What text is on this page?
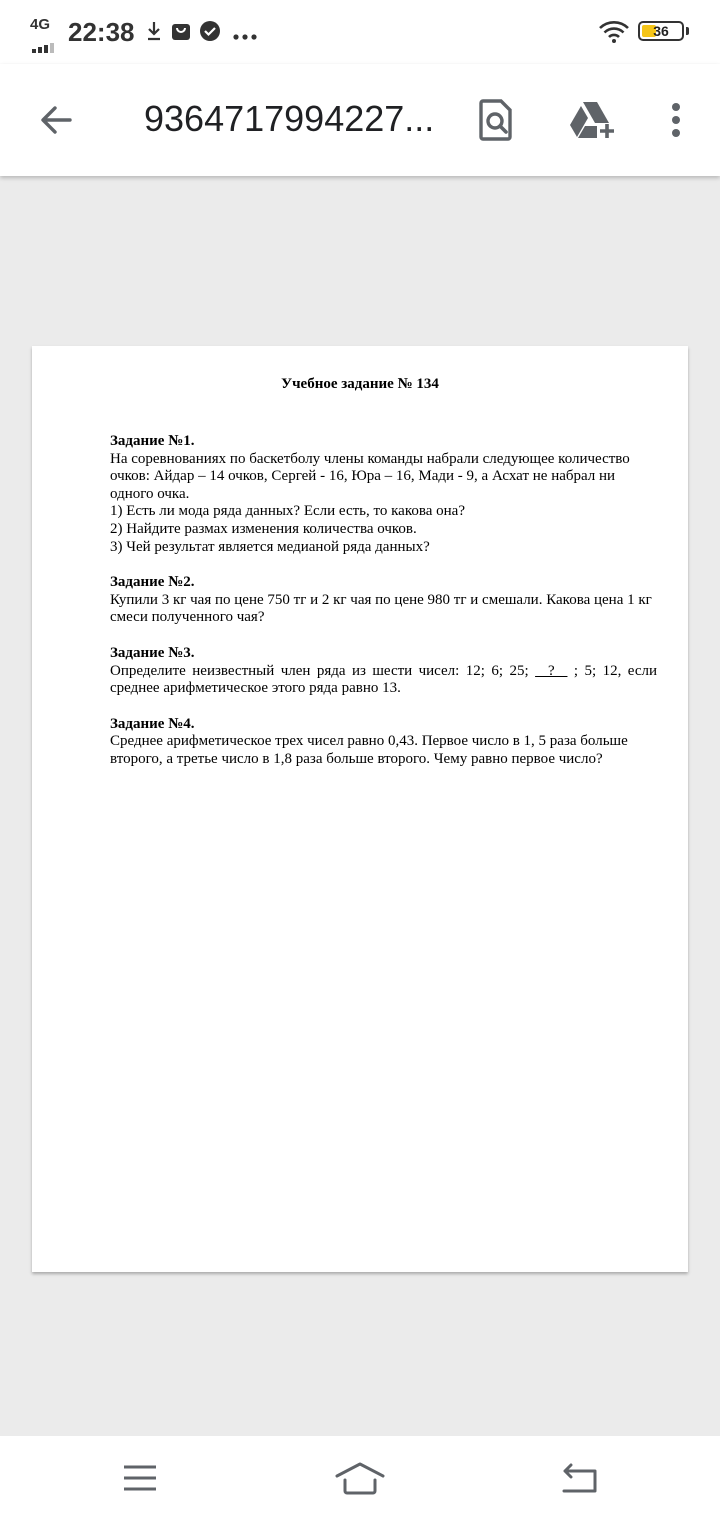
4G 22:38	36
9364717994227...
Учебное задание № 134
Задание №1.

На соревнованиях по баскетболу члены команды набрали следующее количество очков: Айдар – 14 очков, Сергей - 16, Юра – 16, Мади - 9, а Асхат не набрал ни одного очка.

1) Есть ли мода ряда данных? Если есть, то какова она?

2) Найдите размах изменения количества очков.

3) Чей результат является медианой ряда данных?

Задание №2.

Купили 3 кг чая по цене 750 тг и 2 кг чая по цене 980 тг и смешали. Какова цена 1 кг смеси полученного чая?

Задание №3.

Определите неизвестный член ряда из шести чисел: 12; 6; 25;   ?   ; 5; 12, если среднее арифметическое этого ряда равно 13.

Задание №4.

Среднее арифметическое трех чисел равно 0,43. Первое число в 1, 5 раза больше второго, а третье число в 1,8 раза больше второго. Чему равно первое число?
